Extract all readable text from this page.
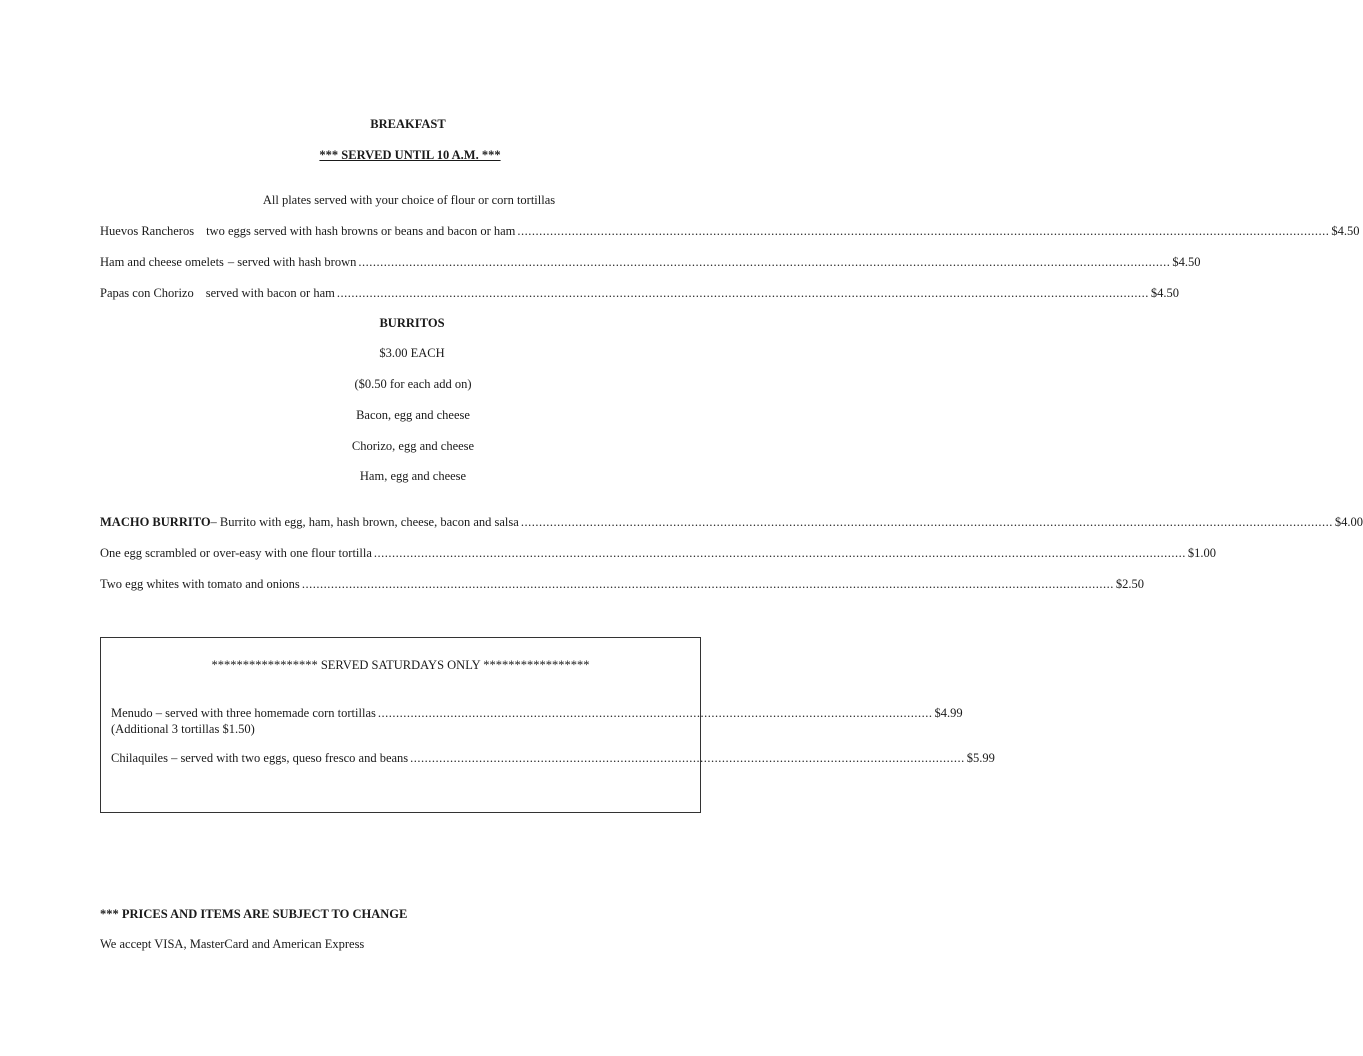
BREAKFAST
*** SERVED UNTIL 10 A.M. ***
All plates served with your choice of flour or corn tortillas
Huevos Rancheros two eggs served with hash browns or beans and bacon or ham .....	$4.50
Ham and cheese omelets – served with hash brown .....	$4.50
Papas con Chorizo served with bacon or ham .....	$4.50
BURRITOS
$3.00 EACH
($0.50 for each add on)
Bacon, egg and cheese
Chorizo, egg and cheese
Ham, egg and cheese
MACHO BURRITO – Burrito with egg, ham, hash brown, cheese, bacon and salsa .....	$4.00
One egg scrambled or over-easy with one flour tortilla .....	$1.00
Two egg whites with tomato and onions .....	$2.50
***************** SERVED SATURDAYS ONLY *****************
Menudo – served with three homemade corn tortillas ......................................................................................................................................................... $4.99
(Additional 3 tortillas $1.50)
Chilaquiles – served with two eggs, queso fresco and beans ......................................................................................................................................................... $5.99
*** PRICES AND ITEMS ARE SUBJECT TO CHANGE
We accept VISA, MasterCard and American Express
